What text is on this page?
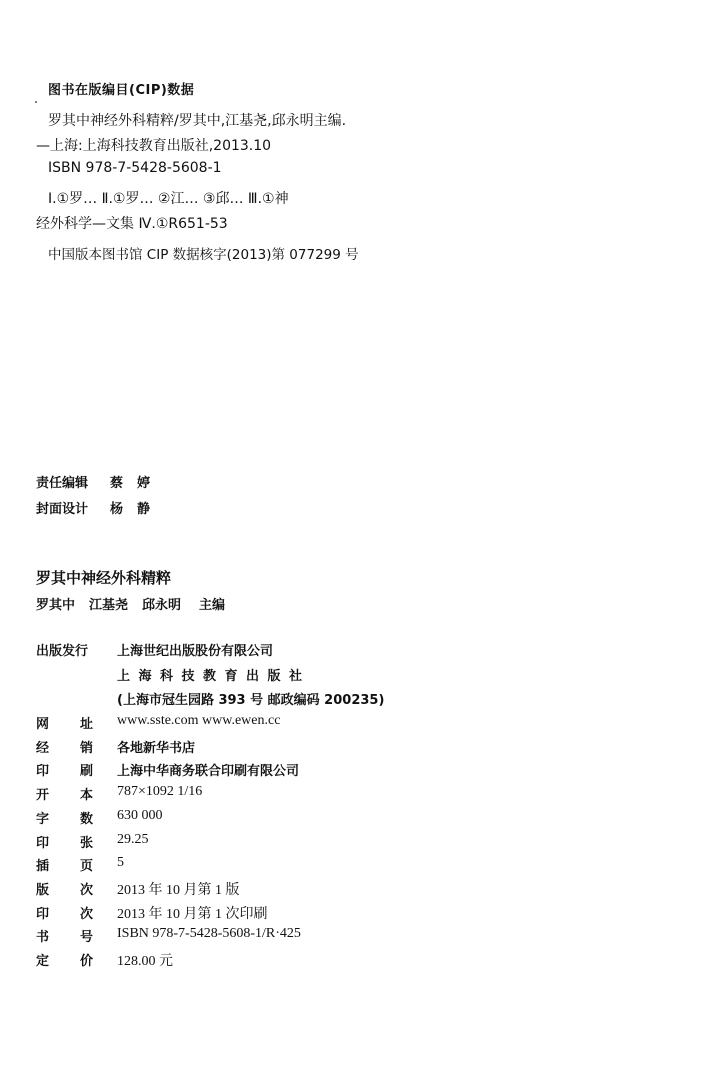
图书在版编目(CIP)数据
罗其中神经外科精粹/罗其中,江基尧,邱永明主编.
—上海:上海科技教育出版社,2013.10
ISBN 978-7-5428-5608-1
Ⅰ.①罗… Ⅱ.①罗… ②江… ③邱… Ⅲ.①神
经外科学—文集 Ⅳ.①R651-53
中国版本图书馆 CIP 数据核字(2013)第 077299 号
责任编辑 蔡婷
封面设计 杨静
罗其中神经外科精粹
罗其中 江基尧 邱永明 主编
出版发行 上海世纪出版股份有限公司
上海科技教育出版社
(上海市冠生园路 393 号 邮政编码 200235)
网 址 www.sste.com www.ewen.cc
经 销 各地新华书店
印 刷 上海中华商务联合印刷有限公司
开 本 787×1092 1/16
字 数 630 000
印 张 29.25
插 页 5
版 次 2013 年 10 月第 1 版
印 次 2013 年 10 月第 1 次印刷
书 号 ISBN 978-7-5428-5608-1/R·425
定 价 128.00 元
